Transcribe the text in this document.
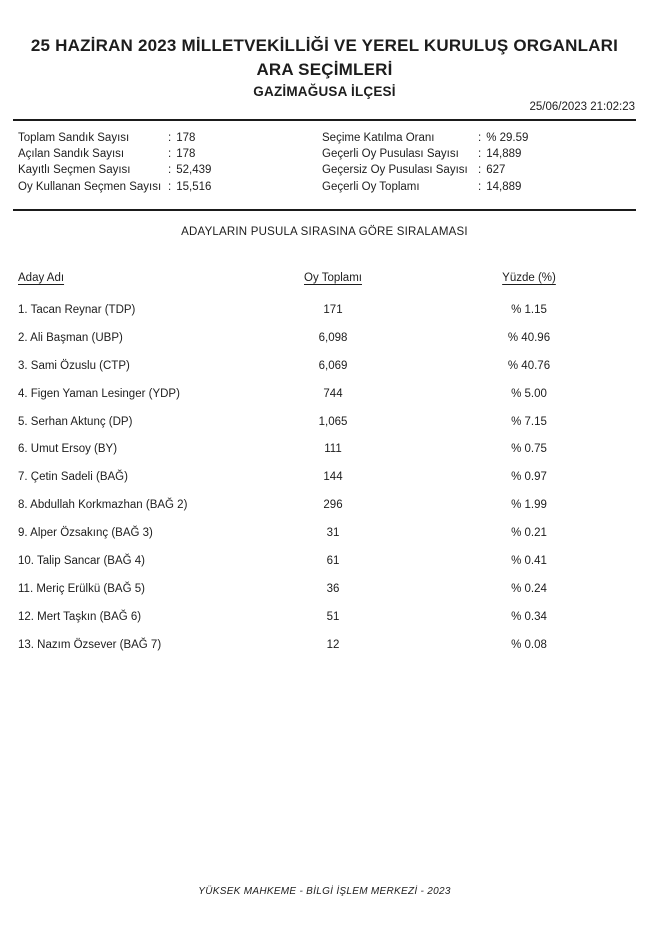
25 HAZİRAN 2023 MİLLETVEKİLLİĞİ VE YEREL KURULUŞ ORGANLARI
ARA SEÇİMLERİ
GAZİMAĞUSA İLÇESİ
25/06/2023 21:02:23
Toplam Sandık Sayısı	: 178
Açılan Sandık Sayısı	: 178
Kayıtlı Seçmen Sayısı	: 52,439
Oy Kullanan Seçmen Sayısı : 15,516
Seçime Katılma Oranı	: % 29.59
Geçerli Oy Pusulası Sayısı	: 14,889
Geçersiz Oy Pusulası Sayısı : 627
Geçerli Oy Toplamı	: 14,889
ADAYLARIN PUSULA SIRASINA GÖRE SIRALAMASI
Aday Adı	Oy Toplamı	Yüzde (%)
1. Tacan Reynar (TDP)	171	% 1.15
2. Ali Başman (UBP)	6,098	% 40.96
3. Sami Özuslu (CTP)	6,069	% 40.76
4. Figen Yaman Lesinger (YDP)	744	% 5.00
5. Serhan Aktunç (DP)	1,065	% 7.15
6. Umut Ersoy (BY)	111	% 0.75
7. Çetin Sadeli (BAĞ)	144	% 0.97
8. Abdullah Korkmazhan (BAĞ 2)	296	% 1.99
9. Alper Özsakınç (BAĞ 3)	31	% 0.21
10. Talip Sancar (BAĞ 4)	61	% 0.41
11. Meriç Erülkü (BAĞ 5)	36	% 0.24
12. Mert Taşkın (BAĞ 6)	51	% 0.34
13. Nazım Özsever (BAĞ 7)	12	% 0.08
YÜKSEK MAHKEME - BİLGİ İŞLEM MERKEZİ - 2023
